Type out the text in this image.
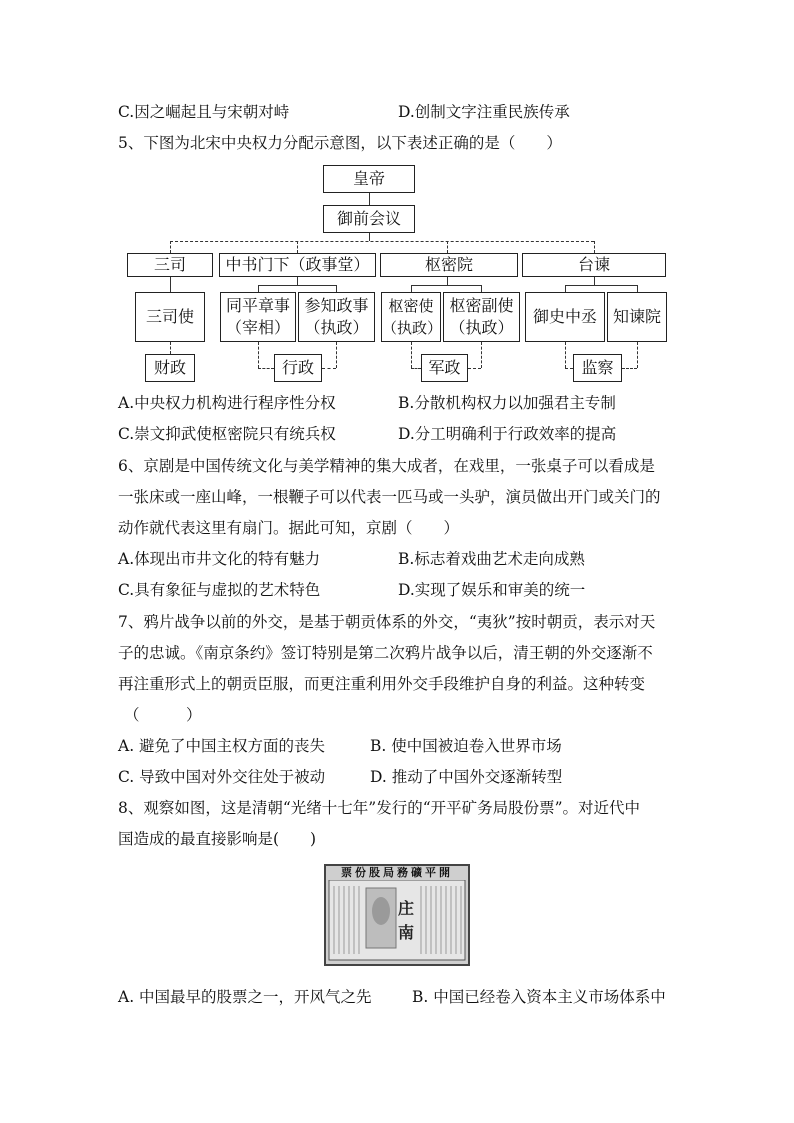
C.因之崛起且与宋朝对峙	D.创制文字注重民族传承
5、下图为北宋中央权力分配示意图，以下表述正确的是（　　）
皇帝
御前会议
三司	中书门下（政事堂）	枢密院	台谏
三司使
同平章事
（宰相）
参知政事
（执政）
枢密使
（执政）
枢密副使
（执政）
御史中丞 知谏院
财政	行政	军政	监察
A.中央权力机构进行程序性分权	B.分散机构权力以加强君主专制
C.崇文抑武使枢密院只有统兵权	D.分工明确利于行政效率的提高
6、京剧是中国传统文化与美学精神的集大成者，在戏里，一张桌子可以看成是
一张床或一座山峰，一根鞭子可以代表一匹马或一头驴，演员做出开门或关门的
动作就代表这里有扇门。据此可知，京剧（　　）
A.体现出市井文化的特有魅力	B.标志着戏曲艺术走向成熟
C.具有象征与虚拟的艺术特色	D.实现了娱乐和审美的统一
7、鸦片战争以前的外交，是基于朝贡体系的外交，“夷狄”按时朝贡，表示对天
子的忠诚。《南京条约》签订特别是第二次鸦片战争以后，清王朝的外交逐渐不
再注重形式上的朝贡臣服，而更注重利用外交手段维护自身的利益。这种转变
（　　　）
A. 避免了中国主权方面的丧失	B. 使中国被迫卷入世界市场
C. 导致中国对外交往处于被动	D. 推动了中国外交逐渐转型
8、观察如图，这是清朝“光绪十七年”发行的“开平矿务局股份票”。对近代中
国造成的最直接影响是(　　)
庄
南
票份股局務礦平開
A. 中国最早的股票之一，开风气之先	B. 中国已经卷入资本主义市场体系中
